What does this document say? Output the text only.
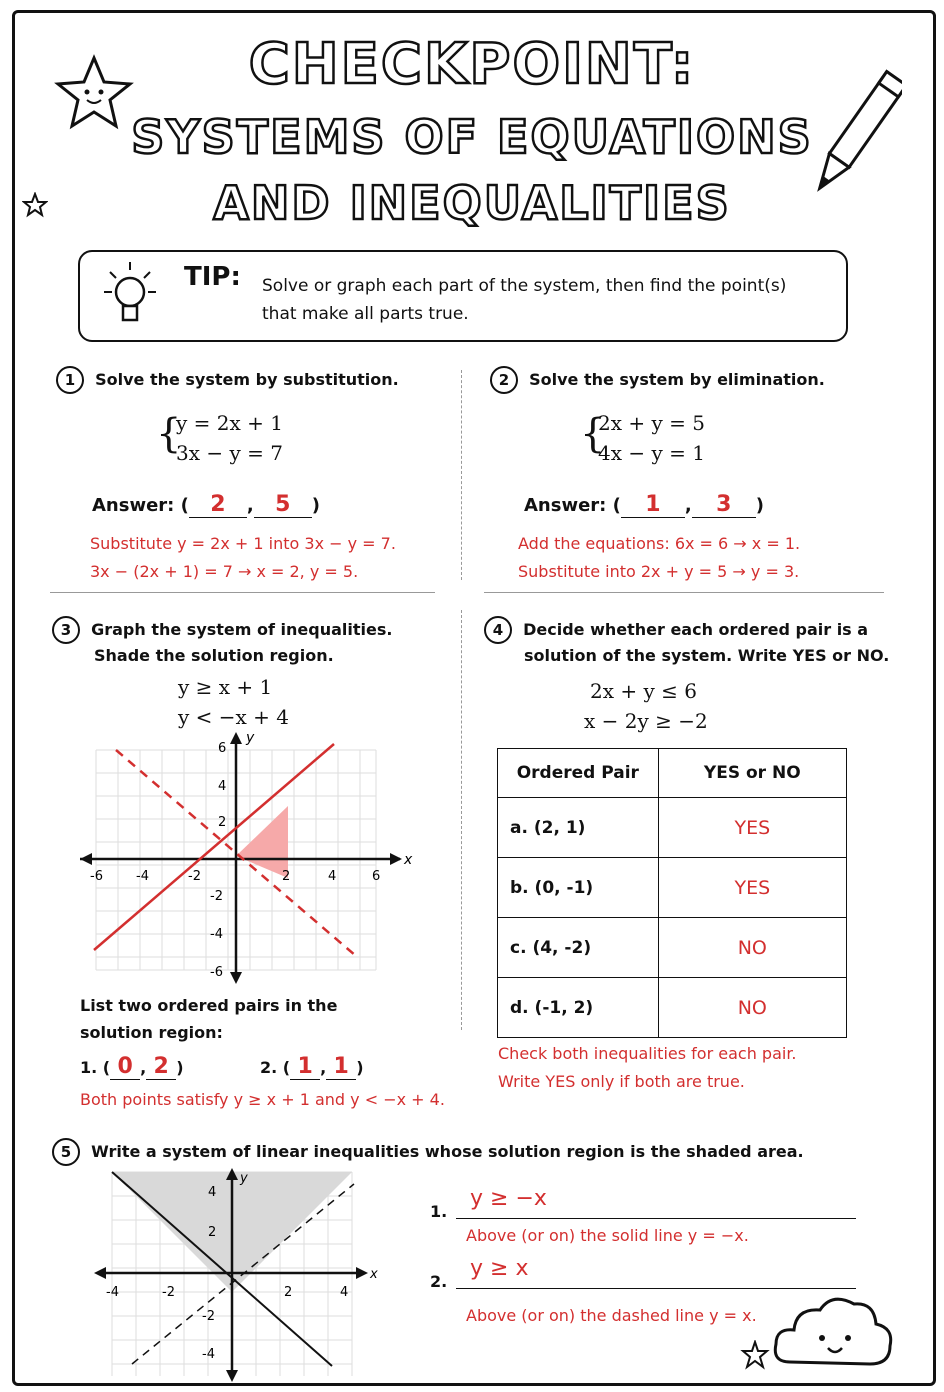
CHECKPOINT:
SYSTEMS OF EQUATIONS
AND INEQUALITIES
TIP: Solve or graph each part of the system, then find the point(s) that make all parts true.
1 Solve the system by substitution.
{
y = 2x + 1
3x − y = 7
Answer: ( 2 , 5 )
Substitute y = 2x + 1 into 3x − y = 7.
3x − (2x + 1) = 7 → x = 2, y = 5.
2 Solve the system by elimination.
{
2x + y = 5
4x − y = 1
Answer: ( 1 , 3 )
Add the equations: 6x = 6 → x = 1.
Substitute into 2x + y = 5 → y = 3.
3 Graph the system of inequalities.
Shade the solution region.
y ≥ x + 1
y < −x + 4
-6	-4	-2	2	4	6
6
4
2
-2
-4
-6
x
y
List two ordered pairs in the
solution region:
1. ( 0 , 2 )	2. ( 1 , 1 )
Both points satisfy y ≥ x + 1 and y < −x + 4.
4 Decide whether each ordered pair is a
solution of the system. Write YES or NO.
2x + y ≤ 6
x − 2y ≥ −2
Ordered Pair	YES or NO
a. (2, 1)	YES
b. (0, -1)	YES
c. (4, -2)	NO
d. (-1, 2)	NO
Check both inequalities for each pair.
Write YES only if both are true.
5 Write a system of linear inequalities whose solution region is the shaded area.
-4	-2	2	4
4
2
-2
-4
x
y
1.
y ≥ −x
Above (or on) the solid line y = −x.
2.
y ≥ x
Above (or on) the dashed line y = x.
